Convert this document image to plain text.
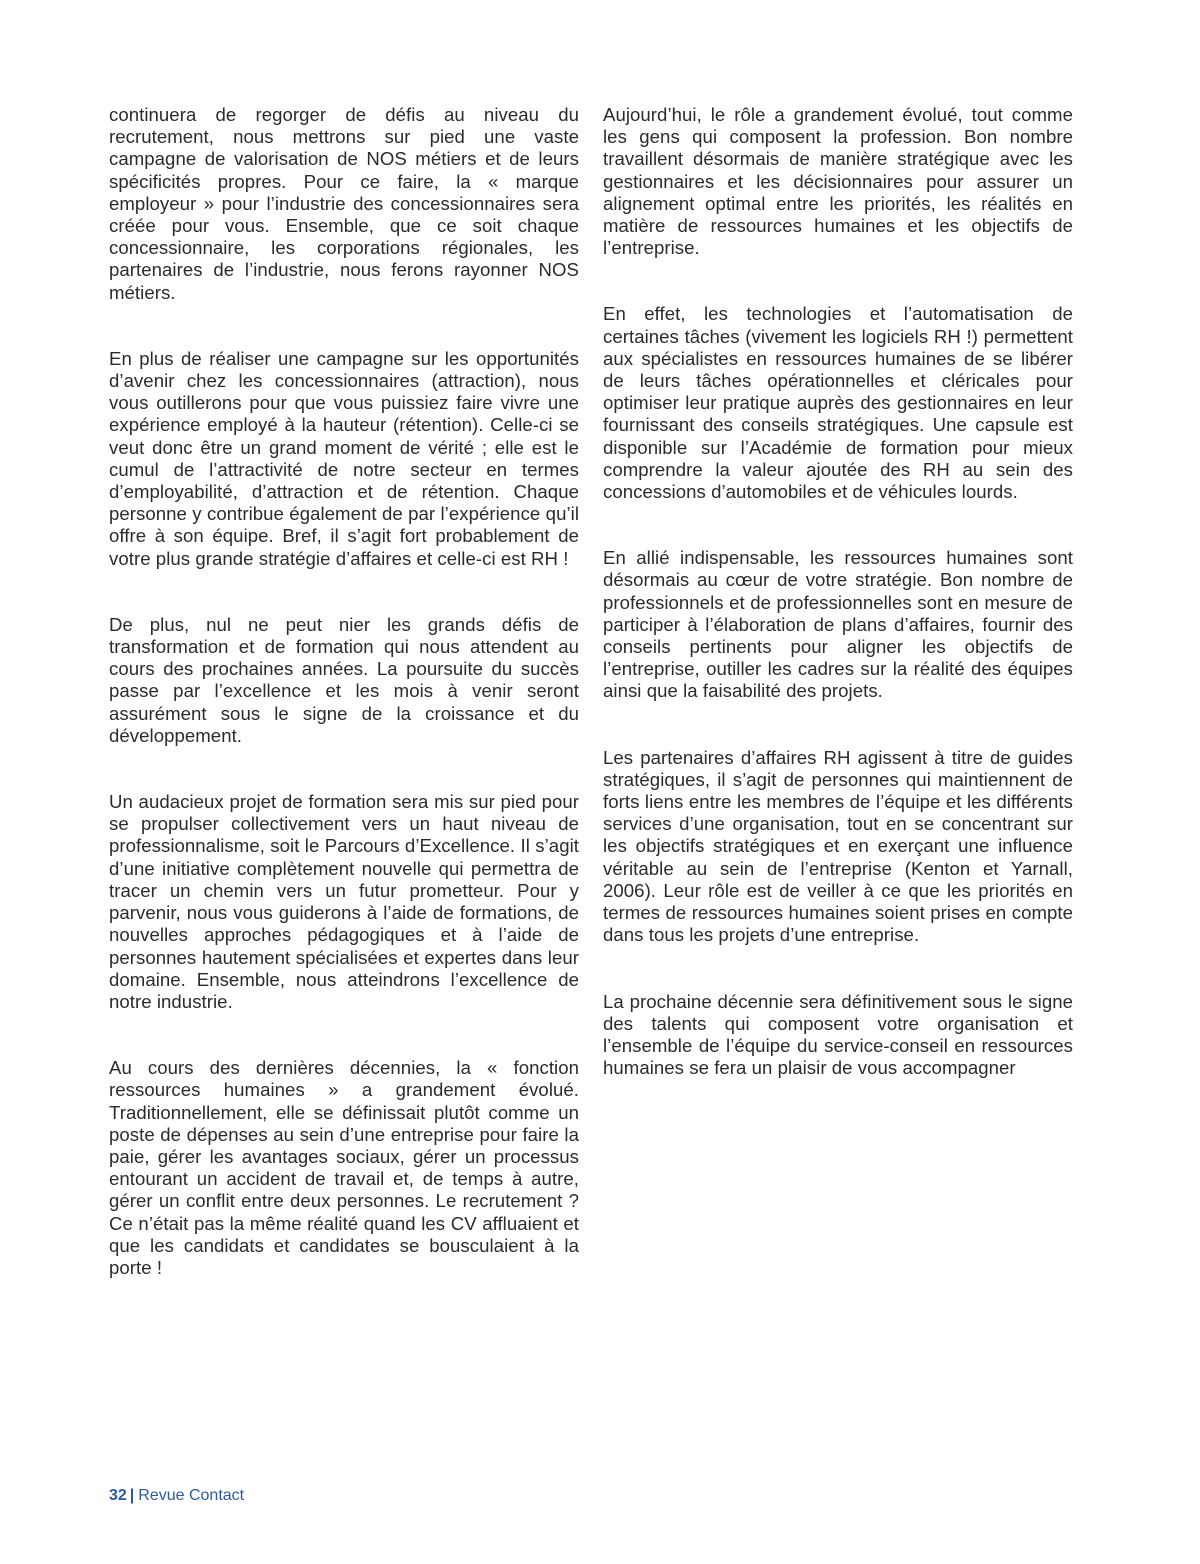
continuera de regorger de défis au niveau du recrutement, nous mettrons sur pied une vaste campagne de valorisation de NOS métiers et de leurs spécificités propres. Pour ce faire, la « marque employeur » pour l’industrie des concessionnaires sera créée pour vous. Ensemble, que ce soit chaque concessionnaire, les corporations régionales, les partenaires de l’industrie, nous ferons rayonner NOS métiers.

En plus de réaliser une campagne sur les opportunités d’avenir chez les concessionnaires (attraction), nous vous outillerons pour que vous puissiez faire vivre une expérience employé à la hauteur (rétention). Celle-ci se veut donc être un grand moment de vérité ; elle est le cumul de l’attractivité de notre secteur en termes d’employabilité, d’attraction et de rétention. Chaque personne y contribue également de par l’expérience qu’il offre à son équipe. Bref, il s’agit fort probablement de votre plus grande stratégie d’affaires et celle-ci est RH !

De plus, nul ne peut nier les grands défis de transformation et de formation qui nous attendent au cours des prochaines années. La poursuite du succès passe par l’excellence et les mois à venir seront assurément sous le signe de la croissance et du développement.

Un audacieux projet de formation sera mis sur pied pour se propulser collectivement vers un haut niveau de professionnalisme, soit le Parcours d’Excellence. Il s’agit d’une initiative complètement nouvelle qui permettra de tracer un chemin vers un futur prometteur. Pour y parvenir, nous vous guiderons à l’aide de formations, de nouvelles approches pédagogiques et à l’aide de personnes hautement spécialisées et expertes dans leur domaine. Ensemble, nous atteindrons l’excellence de notre industrie.

Au cours des dernières décennies, la « fonction ressources humaines » a grandement évolué. Traditionnellement, elle se définissait plutôt comme un poste de dépenses au sein d’une entreprise pour faire la paie, gérer les avantages sociaux, gérer un processus entourant un accident de travail et, de temps à autre, gérer un conflit entre deux personnes. Le recrutement ? Ce n’était pas la même réalité quand les CV affluaient et que les candidats et candidates se bousculaient à la porte !

Aujourd’hui, le rôle a grandement évolué, tout comme les gens qui composent la profession. Bon nombre travaillent désormais de manière stratégique avec les gestionnaires et les décisionnaires pour assurer un alignement optimal entre les priorités, les réalités en matière de ressources humaines et les objectifs de l’entreprise.

En effet, les technologies et l’automatisation de certaines tâches (vivement les logiciels RH !) permettent aux spécialistes en ressources humaines de se libérer de leurs tâches opérationnelles et cléricales pour optimiser leur pratique auprès des gestionnaires en leur fournissant des conseils stratégiques. Une capsule est disponible sur l’Académie de formation pour mieux comprendre la valeur ajoutée des RH au sein des concessions d’automobiles et de véhicules lourds.

En allié indispensable, les ressources humaines sont désormais au cœur de votre stratégie. Bon nombre de professionnels et de professionnelles sont en mesure de participer à l’élaboration de plans d’affaires, fournir des conseils pertinents pour aligner les objectifs de l’entreprise, outiller les cadres sur la réalité des équipes ainsi que la faisabilité des projets.

Les partenaires d’affaires RH agissent à titre de guides stratégiques, il s’agit de personnes qui maintiennent de forts liens entre les membres de l’équipe et les différents services d’une organisation, tout en se concentrant sur les objectifs stratégiques et en exerçant une influence véritable au sein de l’entreprise (Kenton et Yarnall, 2006). Leur rôle est de veiller à ce que les priorités en termes de ressources humaines soient prises en compte dans tous les projets d’une entreprise.

La prochaine décennie sera définitivement sous le signe des talents qui composent votre organisation et l’ensemble de l’équipe du service-conseil en ressources humaines se fera un plaisir de vous accompagner

32 | Revue Contact
